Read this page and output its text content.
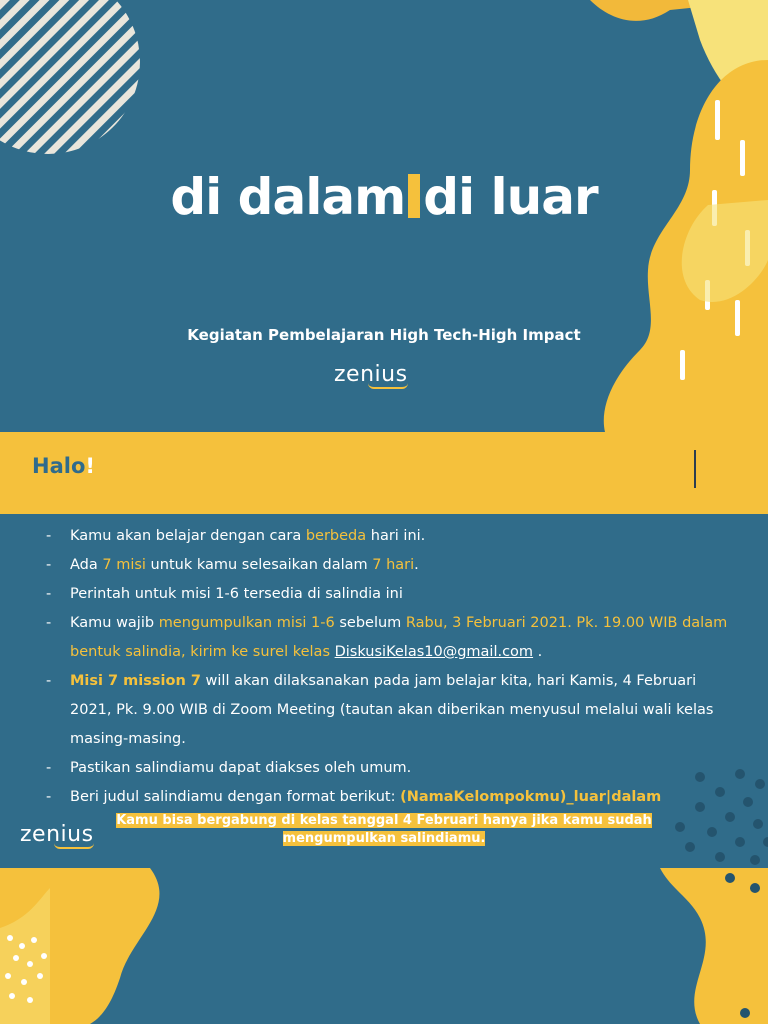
di dalam di luar
Kegiatan Pembelajaran High Tech-High Impact
zenius
Halo!
- Kamu akan belajar dengan cara berbeda hari ini.
- Ada 7 misi untuk kamu selesaikan dalam 7 hari.
- Perintah untuk misi 1-6 tersedia di salindia ini
- Kamu wajib mengumpulkan misi 1-6 sebelum Rabu, 3 Februari 2021. Pk. 19.00 WIB dalam bentuk salindia, kirim ke surel kelas DiskusiKelas10@gmail.com .
- Misi 7 mission 7 will akan dilaksanakan pada jam belajar kita, hari Kamis, 4 Februari 2021, Pk. 9.00 WIB di Zoom Meeting (tautan akan diberikan menyusul melalui wali kelas masing-masing.
- Pastikan salindiamu dapat diakses oleh umum.
- Beri judul salindiamu dengan format berikut: (NamaKelompokmu)_luar|dalam
zenius
Kamu bisa bergabung di kelas tanggal 4 Februari hanya jika kamu sudah
mengumpulkan salindiamu.
